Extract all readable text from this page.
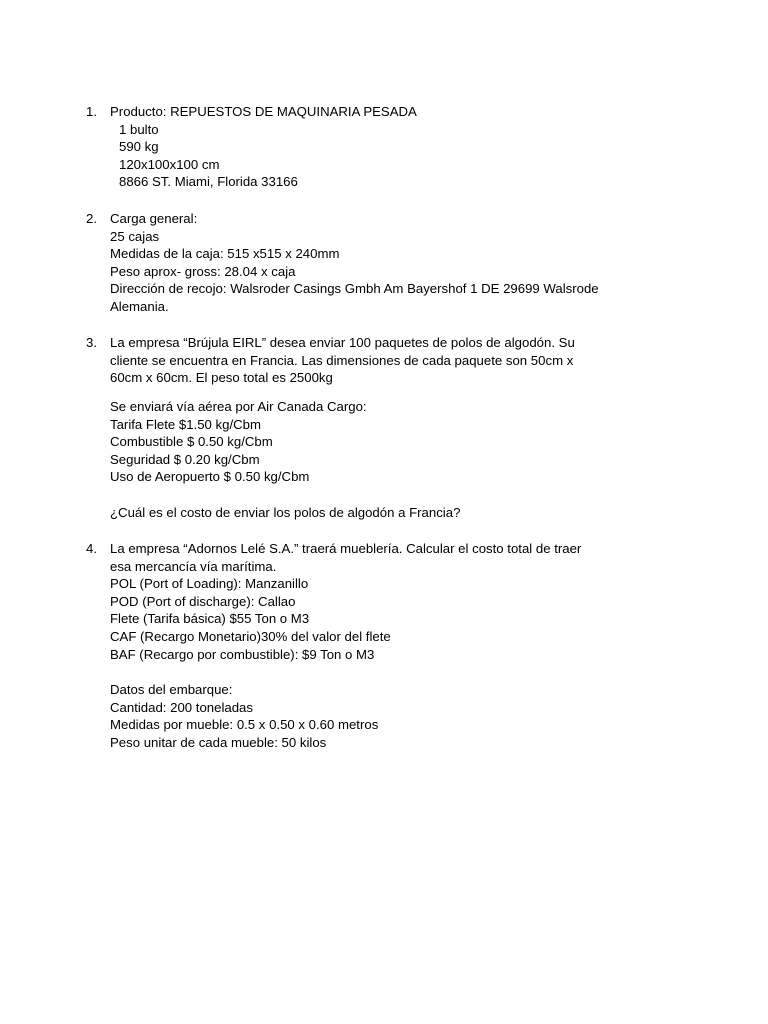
1. Producto: REPUESTOS DE MAQUINARIA PESADA
1 bulto
590 kg
120x100x100 cm
8866 ST. Miami, Florida 33166
2. Carga general:
25 cajas
Medidas de la caja: 515 x515 x 240mm
Peso aprox- gross: 28.04 x caja
Dirección de recojo: Walsroder Casings Gmbh Am Bayershof 1 DE 29699 Walsrode
Alemania.
3. La empresa “Brújula EIRL” desea enviar 100 paquetes de polos de algodón. Su
cliente se encuentra en Francia. Las dimensiones de cada paquete son 50cm x
60cm x 60cm. El peso total es 2500kg
Se enviará vía aérea por Air Canada Cargo:
Tarifa Flete $1.50 kg/Cbm
Combustible $ 0.50 kg/Cbm
Seguridad $ 0.20 kg/Cbm
Uso de Aeropuerto $ 0.50 kg/Cbm
¿Cuál es el costo de enviar los polos de algodón a Francia?
4. La empresa “Adornos Lelé S.A.” traerá mueblería. Calcular el costo total de traer
esa mercancía vía marítima.
POL (Port of Loading): Manzanillo
POD (Port of discharge): Callao
Flete (Tarifa básica) $55 Ton o M3
CAF (Recargo Monetario)30% del valor del flete
BAF (Recargo por combustible): $9 Ton o M3
Datos del embarque:
Cantidad: 200 toneladas
Medidas por mueble: 0.5 x 0.50 x 0.60 metros
Peso unitar de cada mueble: 50 kilos
